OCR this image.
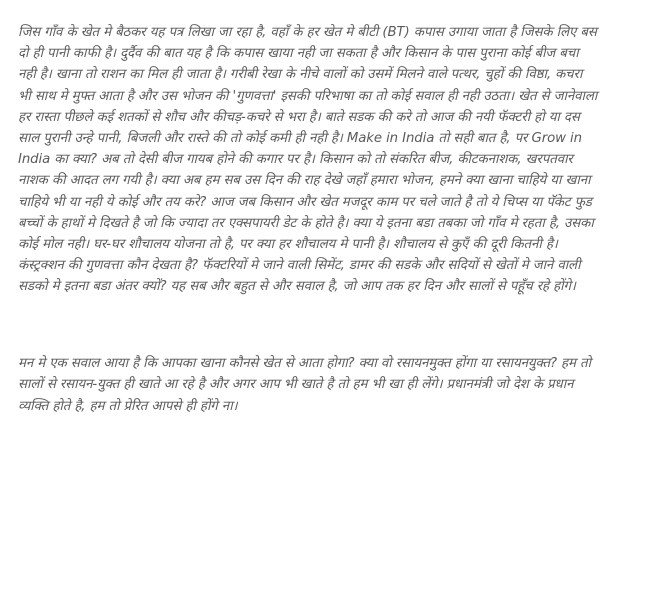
जिस गाँव के खेत मे बैठकर यह पत्र लिखा जा रहा है, वहाँ के हर खेत मे बीटी (BT) कपास उगाया जाता है जिसके लिए बस दो ही पानी काफी है। दुर्दैव की बात यह है कि कपास खाया नही जा सकता है और किसान के पास पुराना कोई बीज बचा नही है। खाना तो राशन का मिल ही जाता है। गरीबी रेखा के नीचे वालों को उसमें मिलने वाले पत्थर, चुहों की विष्ठा, कचरा भी साथ मे मुफ्त आता है और उस भोजन की 'गुणवत्ता' इसकी परिभाषा का तो कोई सवाल ही नही उठता। खेत से जानेवाला हर रास्ता पीछले कई शतकों से शौच और कीचड़-कचरे से भरा है। बाते सडक की करे तो आज की नयी फॅक्टरी हो या दस साल पुरानी उन्हे पानी, बिजली और रास्ते की तो कोई कमी ही नही है। Make in India तो सही बात है, पर Grow in India का क्या? अब तो देसी बीज गायब होने की कगार पर है। किसान को तो संकरित बीज, कीटकनाशक, खरपतवार नाशक की आदत लग गयी है। क्या अब हम सब उस दिन की राह देखे जहाँ हमारा भोजन, हमने क्या खाना चाहिये या खाना चाहिये भी या नही ये कोई और तय करे? आज जब किसान और खेत मजदूर काम पर चले जाते है तो ये चिप्स या पॅकेट फुड बच्चों के हाथों मे दिखते है जो कि ज्यादा तर एक्सपायरी डेट के होते है। क्या ये इतना बडा तबका जो गाँव मे रहता है, उसका कोई मोल नही। घर-घर शौचालय योजना तो है, पर क्या हर शौचालय मे पानी है। शौचालय से कुएँ की दूरी कितनी है। कंस्ट्रक्शन की गुणवत्ता कौन देखता है? फॅक्टरियों मे जाने वाली सिमेंट, डामर की सडके और सदियों से खेतों मे जाने वाली सडको मे इतना बडा अंतर क्यों? यह सब और बहुत से और सवाल है, जो आप तक हर दिन और सालों से पहूँच रहे होंगे।

मन मे एक सवाल आया है कि आपका खाना कौनसे खेत से आता होगा? क्या वो रसायनमुक्त होंगा या रसायनयुक्त? हम तो सालों से रसायन-युक्त ही खाते आ रहे है और अगर आप भी खाते है तो हम भी खा ही लेंगे। प्रधानमंत्री जो देश के प्रधान व्यक्ति होते है, हम तो प्रेरित आपसे ही होंगे ना।
